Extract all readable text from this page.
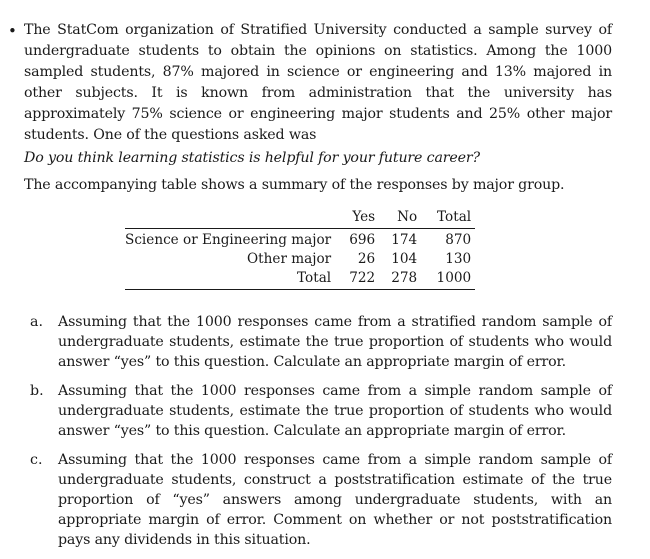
• The StatCom organization of Stratified University conducted a sample survey of undergraduate students to obtain the opinions on statistics. Among the 1000 sampled students, 87% majored in science or engineering and 13% majored in other subjects. It is known from administration that the university has approximately 75% science or engineering major students and 25% other major students. One of the questions asked was
Do you think learning statistics is helpful for your future career?
The accompanying table shows a summary of the responses by major group.
	Yes	No	Total
Science or Engineering major	696	174	870
Other major	26	104	130
Total	722	278	1000
a. Assuming that the 1000 responses came from a stratified random sample of undergraduate students, estimate the true proportion of students who would answer “yes” to this question. Calculate an appropriate margin of error.
b. Assuming that the 1000 responses came from a simple random sample of undergraduate students, estimate the true proportion of students who would answer “yes” to this question. Calculate an appropriate margin of error.
c. Assuming that the 1000 responses came from a simple random sample of undergraduate students, construct a poststratification estimate of the true proportion of “yes” answers among undergraduate students, with an appropriate margin of error. Comment on whether or not poststratification pays any dividends in this situation.
